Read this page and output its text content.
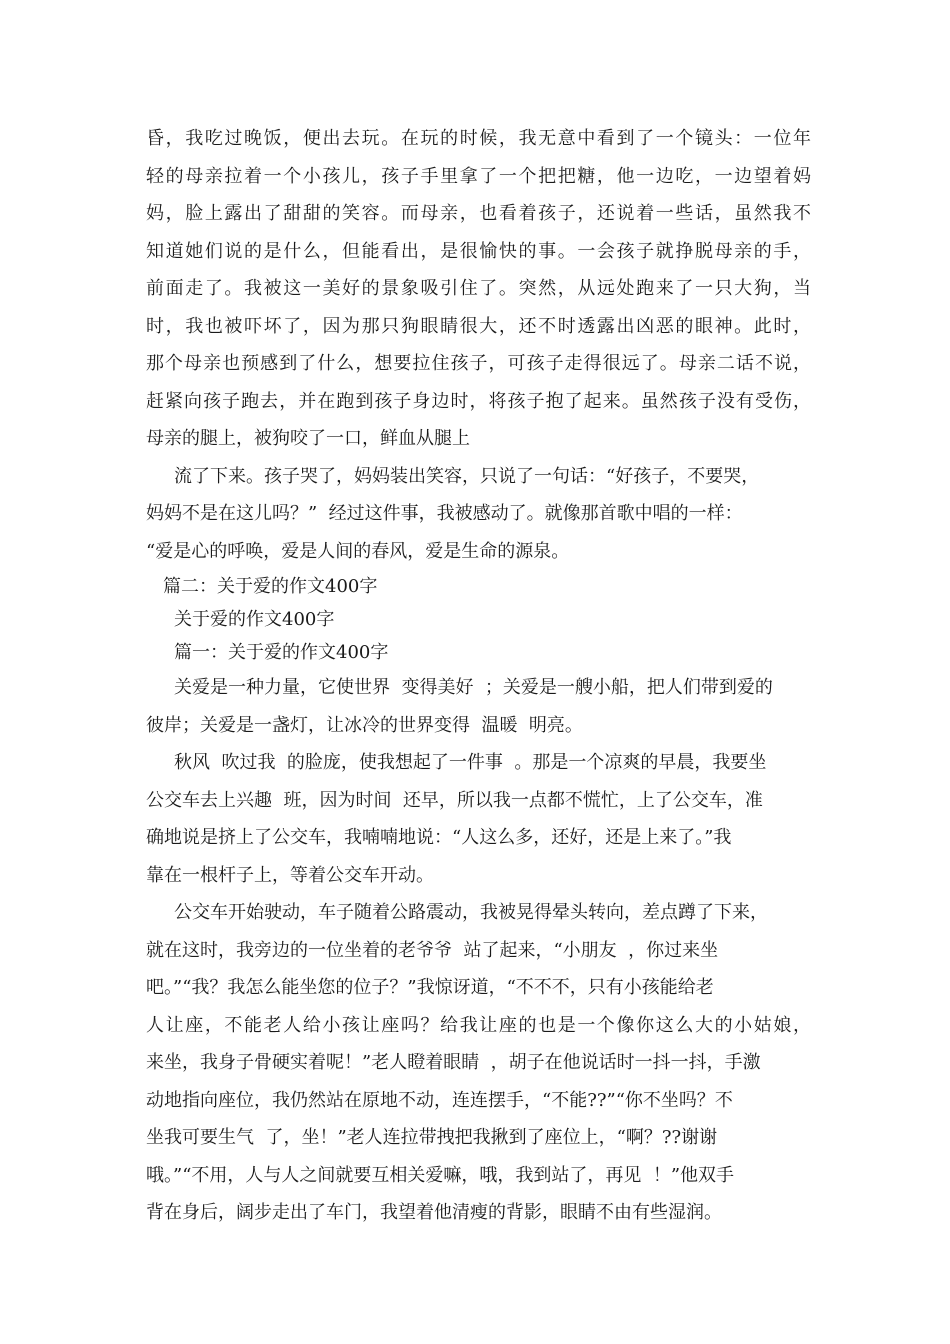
昏，我吃过晚饭，便出去玩。在玩的时候，我无意中看到了一个镜头：一位年
轻的母亲拉着一个小孩儿，孩子手里拿了一个把把糖，他一边吃，一边望着妈
妈，脸上露出了甜甜的笑容。而母亲，也看着孩子，还说着一些话，虽然我不
知道她们说的是什么，但能看出，是很愉快的事。一会孩子就挣脱母亲的手，
前面走了。我被这一美好的景象吸引住了。突然，从远处跑来了一只大狗，当
时，我也被吓坏了，因为那只狗眼睛很大，还不时透露出凶恶的眼神。此时，
那个母亲也预感到了什么，想要拉住孩子，可孩子走得很远了。母亲二话不说，
赶紧向孩子跑去，并在跑到孩子身边时，将孩子抱了起来。虽然孩子没有受伤，
母亲的腿上，被狗咬了一口，鲜血从腿上
流了下来。孩子哭了，妈妈装出笑容，只说了一句话：“好孩子，不要哭，
妈妈不是在这儿吗？”  经过这件事，我被感动了。就像那首歌中唱的一样：
“爱是心的呼唤，爱是人间的春风，爱是生命的源泉。
篇二：关于爱的作文400字
关于爱的作文400字
篇一：关于爱的作文400字
关爱是一种力量，它使世界  变得美好  ；关爱是一艘小船，把人们带到爱的
彼岸；关爱是一盏灯，让冰冷的世界变得  温暖  明亮。
秋风  吹过我  的脸庞，使我想起了一件事  。那是一个凉爽的早晨，我要坐
公交车去上兴趣  班，因为时间  还早，所以我一点都不慌忙，上了公交车，准
确地说是挤上了公交车，我喃喃地说：“人这么多，还好，还是上来了。”我
靠在一根杆子上，等着公交车开动。
公交车开始驶动，车子随着公路震动，我被晃得晕头转向，差点蹲了下来，
就在这时，我旁边的一位坐着的老爷爷  站了起来，“小朋友  ，你过来坐
吧。”“我？我怎么能坐您的位子？”我惊讶道，“不不不，只有小孩能给老
人让座，不能老人给小孩让座吗？给我让座的也是一个像你这么大的小姑娘，
来坐，我身子骨硬实着呢！”老人瞪着眼睛  ，胡子在他说话时一抖一抖，手激
动地指向座位，我仍然站在原地不动，连连摆手，“不能??”“你不坐吗？不
坐我可要生气  了，坐！”老人连拉带拽把我揪到了座位上，“啊？??谢谢
哦。”“不用，人与人之间就要互相关爱嘛，哦，我到站了，再见  ！”他双手
背在身后，阔步走出了车门，我望着他清瘦的背影，眼睛不由有些湿润。
